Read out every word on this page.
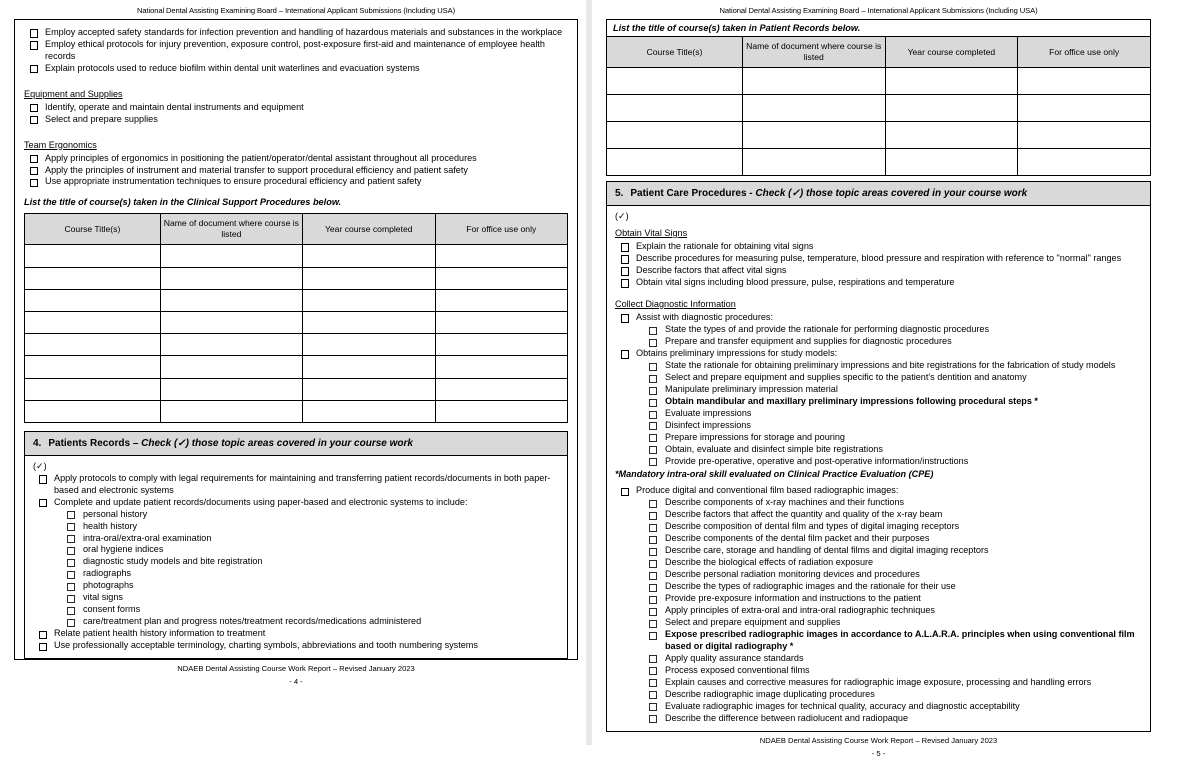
National Dental Assisting Examining Board – International Applicant Submissions (Including USA)
Employ accepted safety standards for infection prevention and handling of hazardous materials and substances in the workplace
Employ ethical protocols for injury prevention, exposure control, post-exposure first-aid and maintenance of employee health records
Explain protocols used to reduce biofilm within dental unit waterlines and evacuation systems
Equipment and Supplies
Identify, operate and maintain dental instruments and equipment
Select and prepare supplies
Team Ergonomics
Apply principles of ergonomics in positioning the patient/operator/dental assistant throughout all procedures
Apply the principles of instrument and material transfer to support procedural efficiency and patient safety
Use appropriate instrumentation techniques to ensure procedural efficiency and patient safety
List the title of course(s) taken in the Clinical Support Procedures below.
Course Title(s)	Name of document where course is listed	Year course completed	For office use only

4. Patients Records – Check (✓) those topic areas covered in your course work
(✓)
Apply protocols to comply with legal requirements for maintaining and transferring patient records/documents in both paper-based and electronic systems
Complete and update patient records/documents using paper-based and electronic systems to include:
personal history
health history
intra-oral/extra-oral examination
oral hygiene indices
diagnostic study models and bite registration
radiographs
photographs
vital signs
consent forms
care/treatment plan and progress notes/treatment records/medications administered
Relate patient health history information to treatment
Use professionally acceptable terminology, charting symbols, abbreviations and tooth numbering systems
NDAEB Dental Assisting Course Work Report – Revised January 2023
- 4 -
National Dental Assisting Examining Board – International Applicant Submissions (Including USA)
List the title of course(s) taken in Patient Records below.
Course Title(s)	Name of document where course is listed	Year course completed	For office use only

5. Patient Care Procedures - Check (✓) those topic areas covered in your course work
(✓)
Obtain Vital Signs
Explain the rationale for obtaining vital signs
Describe procedures for measuring pulse, temperature, blood pressure and respiration with reference to "normal" ranges
Describe factors that affect vital signs
Obtain vital signs including blood pressure, pulse, respirations and temperature
Collect Diagnostic Information
Assist with diagnostic procedures:
State the types of and provide the rationale for performing diagnostic procedures
Prepare and transfer equipment and supplies for diagnostic procedures
Obtains preliminary impressions for study models:
State the rationale for obtaining preliminary impressions and bite registrations for the fabrication of study models
Select and prepare equipment and supplies specific to the patient's dentition and anatomy
Manipulate preliminary impression material
Obtain mandibular and maxillary preliminary impressions following procedural steps *
Evaluate impressions
Disinfect impressions
Prepare impressions for storage and pouring
Obtain, evaluate and disinfect simple bite registrations
Provide pre-operative, operative and post-operative information/instructions
*Mandatory intra-oral skill evaluated on Clinical Practice Evaluation (CPE)
Produce digital and conventional film based radiographic images:
Describe components of x-ray machines and their functions
Describe factors that affect the quantity and quality of the x-ray beam
Describe composition of dental film and types of digital imaging receptors
Describe components of the dental film packet and their purposes
Describe care, storage and handling of dental films and digital imaging receptors
Describe the biological effects of radiation exposure
Describe personal radiation monitoring devices and procedures
Describe the types of radiographic images and the rationale for their use
Provide pre-exposure information and instructions to the patient
Apply principles of extra-oral and intra-oral radiographic techniques
Select and prepare equipment and supplies
Expose prescribed radiographic images in accordance to A.L.A.R.A. principles when using conventional film based or digital radiography *
Apply quality assurance standards
Process exposed conventional films
Explain causes and corrective measures for radiographic image exposure, processing and handling errors
Describe radiographic image duplicating procedures
Evaluate radiographic images for technical quality, accuracy and diagnostic acceptability
Describe the difference between radiolucent and radiopaque
NDAEB Dental Assisting Course Work Report – Revised January 2023
- 5 -
